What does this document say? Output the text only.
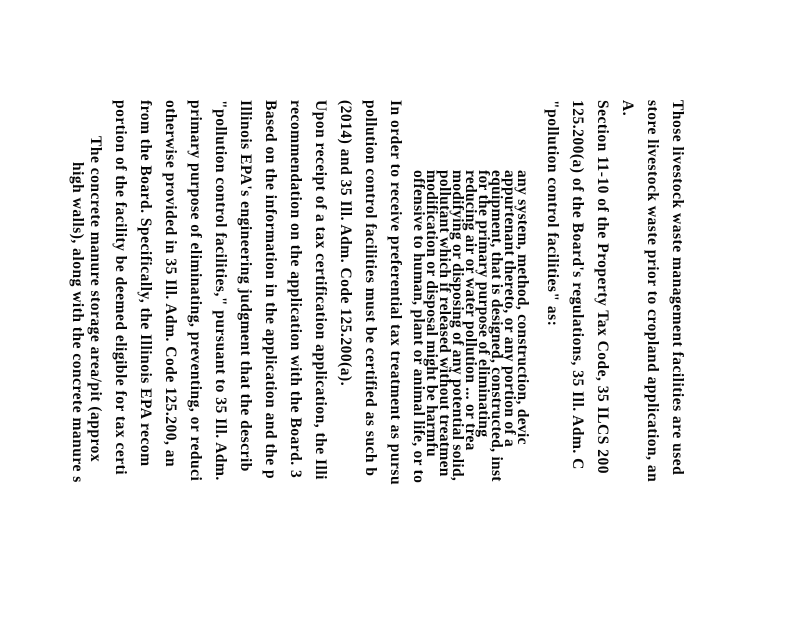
Those livestock waste management facilities are used
store livestock waste prior to cropland application, an
A.
Section 11-10 of the Property Tax Code, 35 ILCS 200
125.200(a) of the Board's regulations, 35 Ill. Adm. C
"pollution control facilities" as:
any system, method, construction, devic
appurtenant thereto, or any portion of a
equipment, that is designed, constructed, inst
for the primary purpose of eliminating
reducing air or water pollution ... or trea
modifying or disposing of any potential solid,
pollutant which if released without treatmen
modification or disposal might be harmfu
offensive to human, plant or animal life, or to
In order to receive preferential tax treatment as pursu
pollution control facilities must be certified as such b
(2014) and 35 Ill. Adm. Code 125.200(a).
Upon receipt of a tax certification application, the Illi
recommendation on the application with the Board. 3
Based on the information in the application and the p
Illinois EPA's engineering judgment that the describ
"pollution control facilities," pursuant to 35 Ill. Adm.
primary purpose of eliminating, preventing, or reduci
otherwise provided in 35 Ill. Adm. Code 125.200, an
from the Board. Specifically, the Illinois EPA recom
portion of the facility be deemed eligible for tax certi
The concrete manure storage area/pit (approx
high walls), along with the concrete manure s
